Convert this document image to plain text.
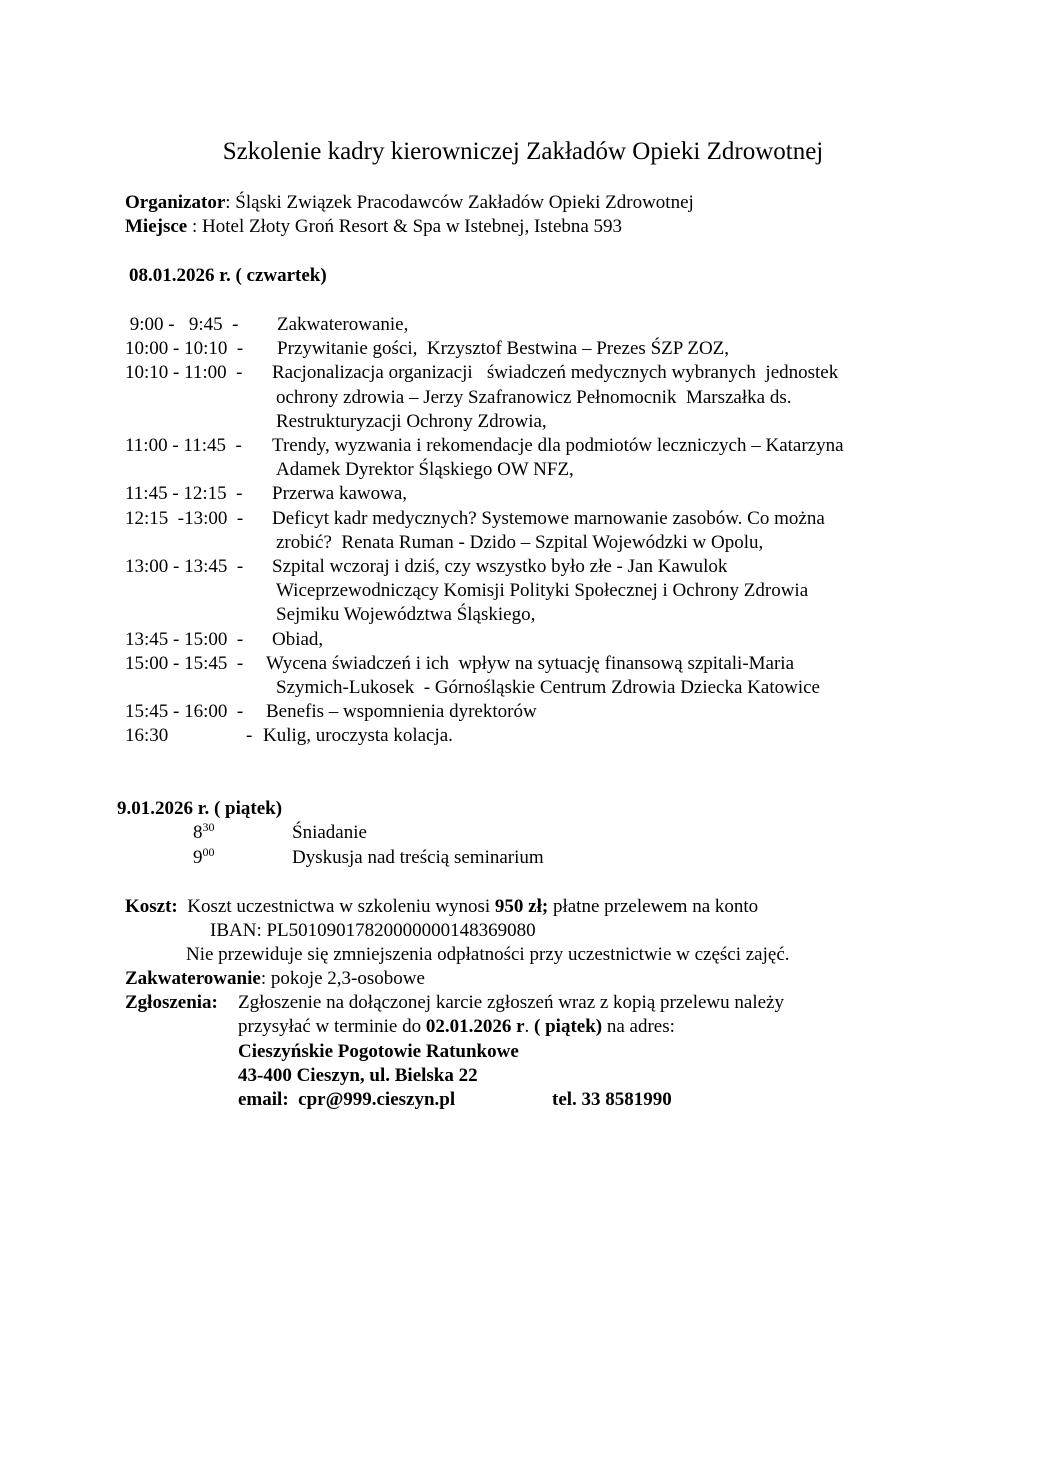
Szkolenie kadry kierowniczej Zakładów Opieki Zdrowotnej
Organizator: Śląski Związek Pracodawców Zakładów Opieki Zdrowotnej
Miejsce : Hotel Złoty Groń Resort & Spa w Istebnej, Istebna 593
08.01.2026 r. ( czwartek)
9:00 -   9:45  - Zakwaterowanie,
10:00 - 10:10  - Przywitanie gości,  Krzysztof Bestwina – Prezes ŚZP ZOZ,
10:10 - 11:00  - Racjonalizacja organizacji   świadczeń medycznych wybranych  jednostek
ochrony zdrowia – Jerzy Szafranowicz Pełnomocnik  Marszałka ds.
Restrukturyzacji Ochrony Zdrowia,
11:00 - 11:45  - Trendy, wyzwania i rekomendacje dla podmiotów leczniczych – Katarzyna
Adamek Dyrektor Śląskiego OW NFZ,
11:45 - 12:15  - Przerwa kawowa,
12:15  -13:00  - Deficyt kadr medycznych? Systemowe marnowanie zasobów. Co można
zrobić?  Renata Ruman - Dzido – Szpital Wojewódzki w Opolu,
13:00 - 13:45  - Szpital wczoraj i dziś, czy wszystko było złe - Jan Kawulok
Wiceprzewodniczący Komisji Polityki Społecznej i Ochrony Zdrowia
Sejmiku Województwa Śląskiego,
13:45 - 15:00  - Obiad,
15:00 - 15:45  - Wycena świadczeń i ich  wpływ na sytuację finansową szpitali-Maria
Szymich-Lukosek  - Górnośląskie Centrum Zdrowia Dziecka Katowice
15:45 - 16:00  - Benefis – wspomnienia dyrektorów
16:30	- Kulig, uroczysta kolacja.
9.01.2026 r. ( piątek)
$8^{30}$	Śniadanie
$9^{00}$	Dyskusja nad treścią seminarium
Koszt: Koszt uczestnictwa w szkoleniu wynosi 950 zł; płatne przelewem na konto
IBAN: PL50109017820000000148369080
Nie przewiduje się zmniejszenia odpłatności przy uczestnictwie w części zajęć.
Zakwaterowanie: pokoje 2,3-osobowe
Zgłoszenia: Zgłoszenie na dołączonej karcie zgłoszeń wraz z kopią przelewu należy
przysyłać w terminie do 02.01.2026 r. ( piątek) na adres:
Cieszyńskie Pogotowie Ratunkowe
43-400 Cieszyn, ul. Bielska 22
email:  cpr@999.cieszyn.pl	tel. 33 8581990
